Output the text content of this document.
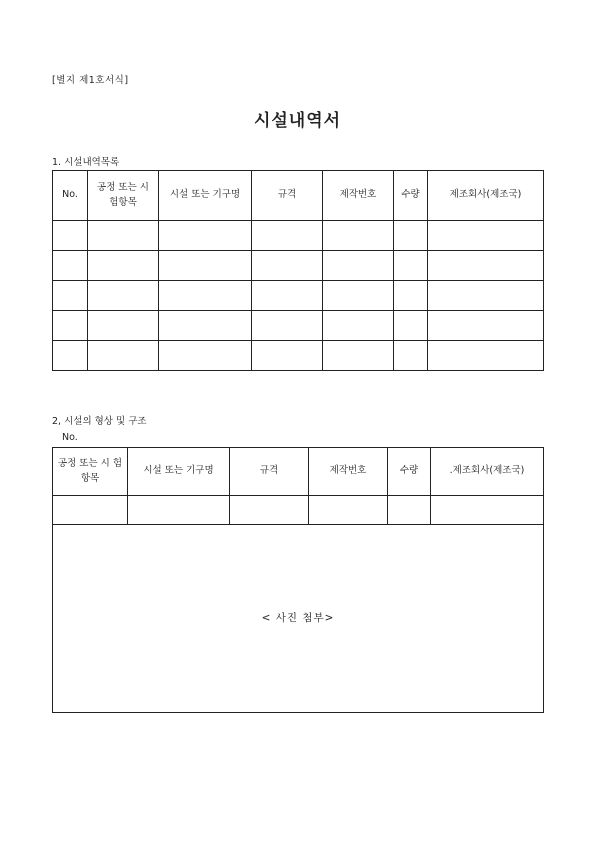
[별지 제1호서식]
시설내역서
1. 시설내역목록
No.	공정 또는 시 험항목	시설 또는 기구명	규격	제작번호	수량	제조회사(제조국)

2, 시설의 형상 및 구조
No.
공정 또는 시 험항목	시설 또는 기구명	규격	제작번호	수량	.제조회사(제조국)

< 사진 첨부>					
